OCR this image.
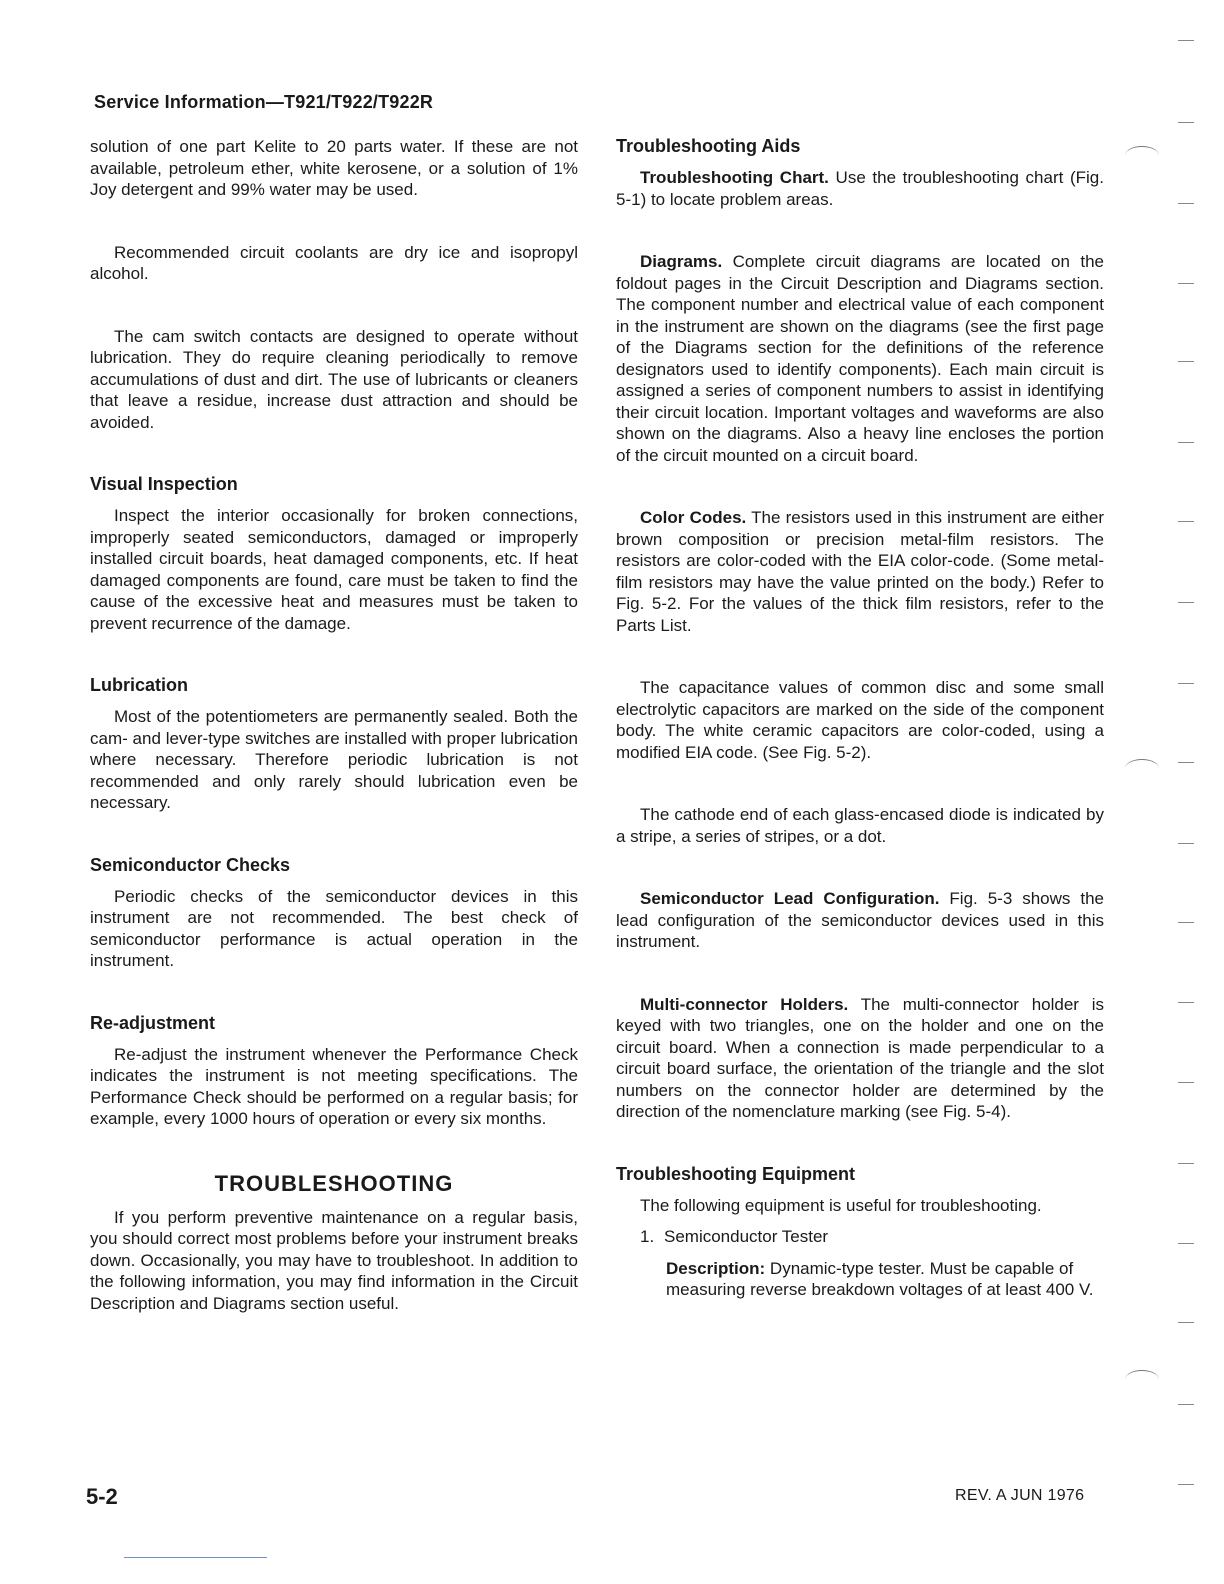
Service Information—T921/T922/T922R

solution of one part Kelite to 20 parts water. If these are not available, petroleum ether, white kerosene, or a solution of 1% Joy detergent and 99% water may be used.

Recommended circuit coolants are dry ice and isopropyl alcohol.

The cam switch contacts are designed to operate without lubrication. They do require cleaning periodically to remove accumulations of dust and dirt. The use of lubricants or cleaners that leave a residue, increase dust attraction and should be avoided.

Visual Inspection

Inspect the interior occasionally for broken connections, improperly seated semiconductors, damaged or improperly installed circuit boards, heat damaged components, etc. If heat damaged components are found, care must be taken to find the cause of the excessive heat and measures must be taken to prevent recurrence of the damage.

Lubrication

Most of the potentiometers are permanently sealed. Both the cam- and lever-type switches are installed with proper lubrication where necessary. Therefore periodic lubrication is not recommended and only rarely should lubrication even be necessary.

Semiconductor Checks

Periodic checks of the semiconductor devices in this instrument are not recommended. The best check of semiconductor performance is actual operation in the instrument.

Re-adjustment

Re-adjust the instrument whenever the Performance Check indicates the instrument is not meeting specifications. The Performance Check should be performed on a regular basis; for example, every 1000 hours of operation or every six months.

TROUBLESHOOTING

If you perform preventive maintenance on a regular basis, you should correct most problems before your instrument breaks down. Occasionally, you may have to troubleshoot. In addition to the following information, you may find information in the Circuit Description and Diagrams section useful.

Troubleshooting Aids

Troubleshooting Chart. Use the troubleshooting chart (Fig. 5-1) to locate problem areas.

Diagrams. Complete circuit diagrams are located on the foldout pages in the Circuit Description and Diagrams section. The component number and electrical value of each component in the instrument are shown on the diagrams (see the first page of the Diagrams section for the definitions of the reference designators used to identify components). Each main circuit is assigned a series of component numbers to assist in identifying their circuit location. Important voltages and waveforms are also shown on the diagrams. Also a heavy line encloses the portion of the circuit mounted on a circuit board.

Color Codes. The resistors used in this instrument are either brown composition or precision metal-film resistors. The resistors are color-coded with the EIA color-code. (Some metal-film resistors may have the value printed on the body.) Refer to Fig. 5-2. For the values of the thick film resistors, refer to the Parts List.

The capacitance values of common disc and some small electrolytic capacitors are marked on the side of the component body. The white ceramic capacitors are color-coded, using a modified EIA code. (See Fig. 5-2).

The cathode end of each glass-encased diode is indicated by a stripe, a series of stripes, or a dot.

Semiconductor Lead Configuration. Fig. 5-3 shows the lead configuration of the semiconductor devices used in this instrument.

Multi-connector Holders. The multi-connector holder is keyed with two triangles, one on the holder and one on the circuit board. When a connection is made perpendicular to a circuit board surface, the orientation of the triangle and the slot numbers on the connector holder are determined by the direction of the nomenclature marking (see Fig. 5-4).

Troubleshooting Equipment

The following equipment is useful for troubleshooting.

1. Semiconductor Tester

Description: Dynamic-type tester. Must be capable of measuring reverse breakdown voltages of at least 400 V.

5-2	REV. A JUN 1976
